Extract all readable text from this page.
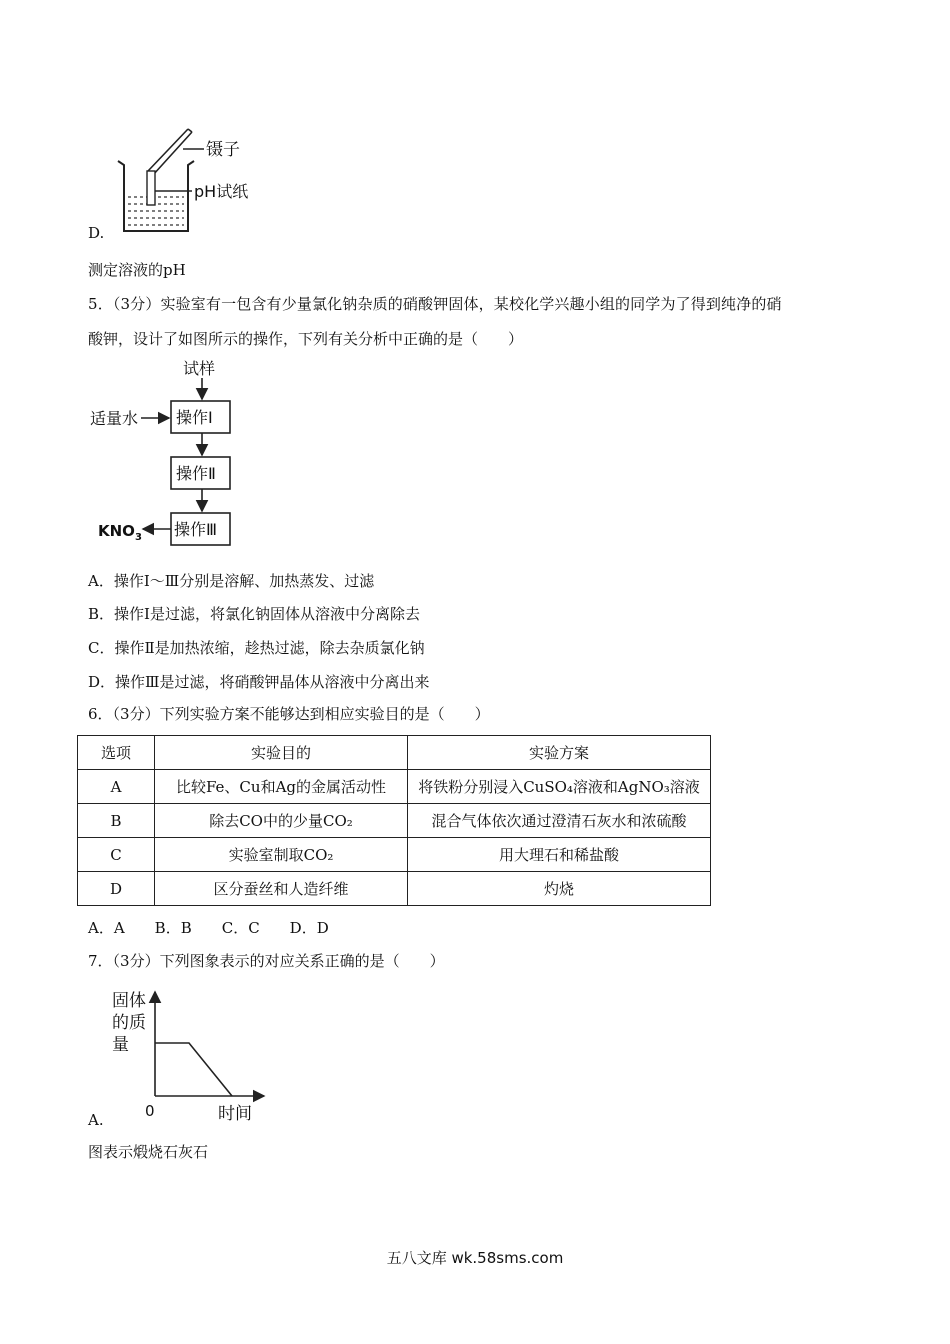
镊子
pH试纸
D.
测定溶液的pH
5．（3分）实验室有一包含有少量氯化钠杂质的硝酸钾固体，某校化学兴趣小组的同学为了得到纯净的硝
酸钾，设计了如图所示的操作，下列有关分析中正确的是（　　）
试样
操作Ⅰ
适量水
操作Ⅱ
操作Ⅲ
$KNO_3$
A．操作Ⅰ～Ⅲ分别是溶解、加热蒸发、过滤
B．操作Ⅰ是过滤，将氯化钠固体从溶液中分离除去
C．操作Ⅱ是加热浓缩，趁热过滤，除去杂质氯化钠
D．操作Ⅲ是过滤，将硝酸钾晶体从溶液中分离出来
6．（3分）下列实验方案不能够达到相应实验目的是（　　）
选项	实验目的	实验方案
A	比较Fe、Cu和Ag的金属活动性	将铁粉分别浸入CuSO₄溶液和AgNO₃溶液
B	除去CO中的少量CO₂	混合气体依次通过澄清石灰水和浓硫酸
C	实验室制取CO₂	用大理石和稀盐酸
D	区分蚕丝和人造纤维	灼烧
A．A　　B．B　　C．C　　D．D
7．（3分）下列图象表示的对应关系正确的是（　　）
固体
的质
量
0	时间
A.
图表示煅烧石灰石
五八文库 wk.58sms.com
